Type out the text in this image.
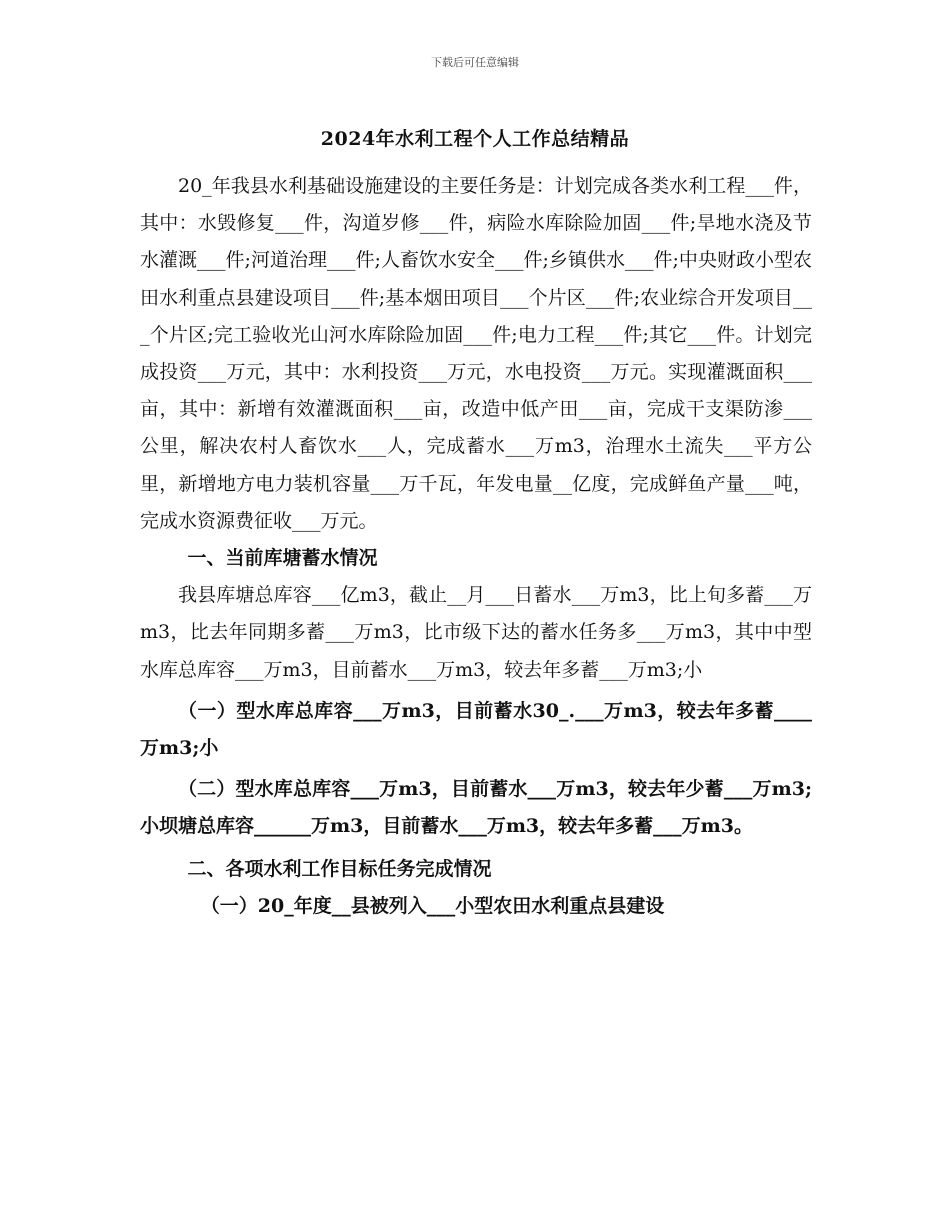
下载后可任意编辑
2024年水利工程个人工作总结精品

20_年我县水利基础设施建设的主要任务是：计划完成各类水利工程___件，其中：水毁修复___件，沟道岁修___件，病险水库除险加固___件;旱地水浇及节水灌溉___件;河道治理___件;人畜饮水安全___件;乡镇供水___件;中央财政小型农田水利重点县建设项目___件;基本烟田项目___个片区___件;农业综合开发项目___个片区;完工验收光山河水库除险加固___件;电力工程___件;其它___件。计划完成投资___万元，其中：水利投资___万元，水电投资___万元。实现灌溉面积___亩，其中：新增有效灌溉面积___亩，改造中低产田___亩，完成干支渠防渗___公里，解决农村人畜饮水___人，完成蓄水___万m3，治理水土流失___平方公里，新增地方电力装机容量___万千瓦，年发电量__亿度，完成鲜鱼产量___吨，完成水资源费征收___万元。

一、当前库塘蓄水情况

我县库塘总库容___亿m3，截止__月___日蓄水___万m3，比上旬多蓄___万m3，比去年同期多蓄___万m3，比市级下达的蓄水任务多___万m3，其中中型水库总库容___万m3，目前蓄水___万m3，较去年多蓄___万m3;小

（一）型水库总库容___万m3，目前蓄水30_.___万m3，较去年多蓄____万m3;小

（二）型水库总库容___万m3，目前蓄水___万m3，较去年少蓄___万m3;小坝塘总库容______万m3，目前蓄水___万m3，较去年多蓄___万m3。

二、各项水利工作目标任务完成情况

（一）20_年度__县被列入___小型农田水利重点县建设
